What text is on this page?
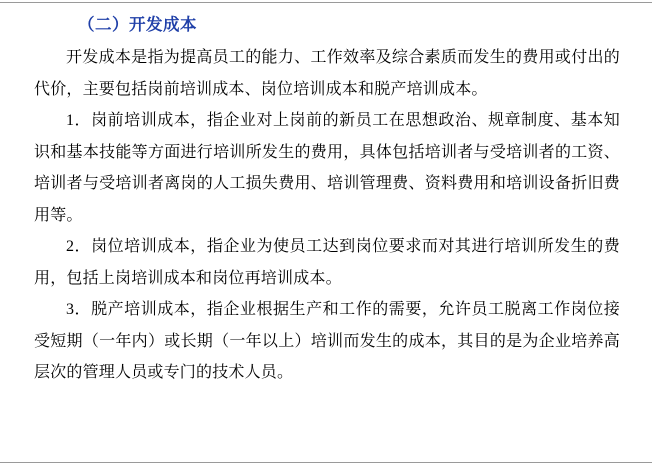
（二）开发成本

开发成本是指为提高员工的能力、工作效率及综合素质而发生的费用或付出的代价，主要包括岗前培训成本、岗位培训成本和脱产培训成本。

1．岗前培训成本，指企业对上岗前的新员工在思想政治、规章制度、基本知识和基本技能等方面进行培训所发生的费用，具体包括培训者与受培训者的工资、培训者与受培训者离岗的人工损失费用、培训管理费、资料费用和培训设备折旧费用等。

2．岗位培训成本，指企业为使员工达到岗位要求而对其进行培训所发生的费用，包括上岗培训成本和岗位再培训成本。

3．脱产培训成本，指企业根据生产和工作的需要，允许员工脱离工作岗位接受短期（一年内）或长期（一年以上）培训而发生的成本，其目的是为企业培养高层次的管理人员或专门的技术人员。
